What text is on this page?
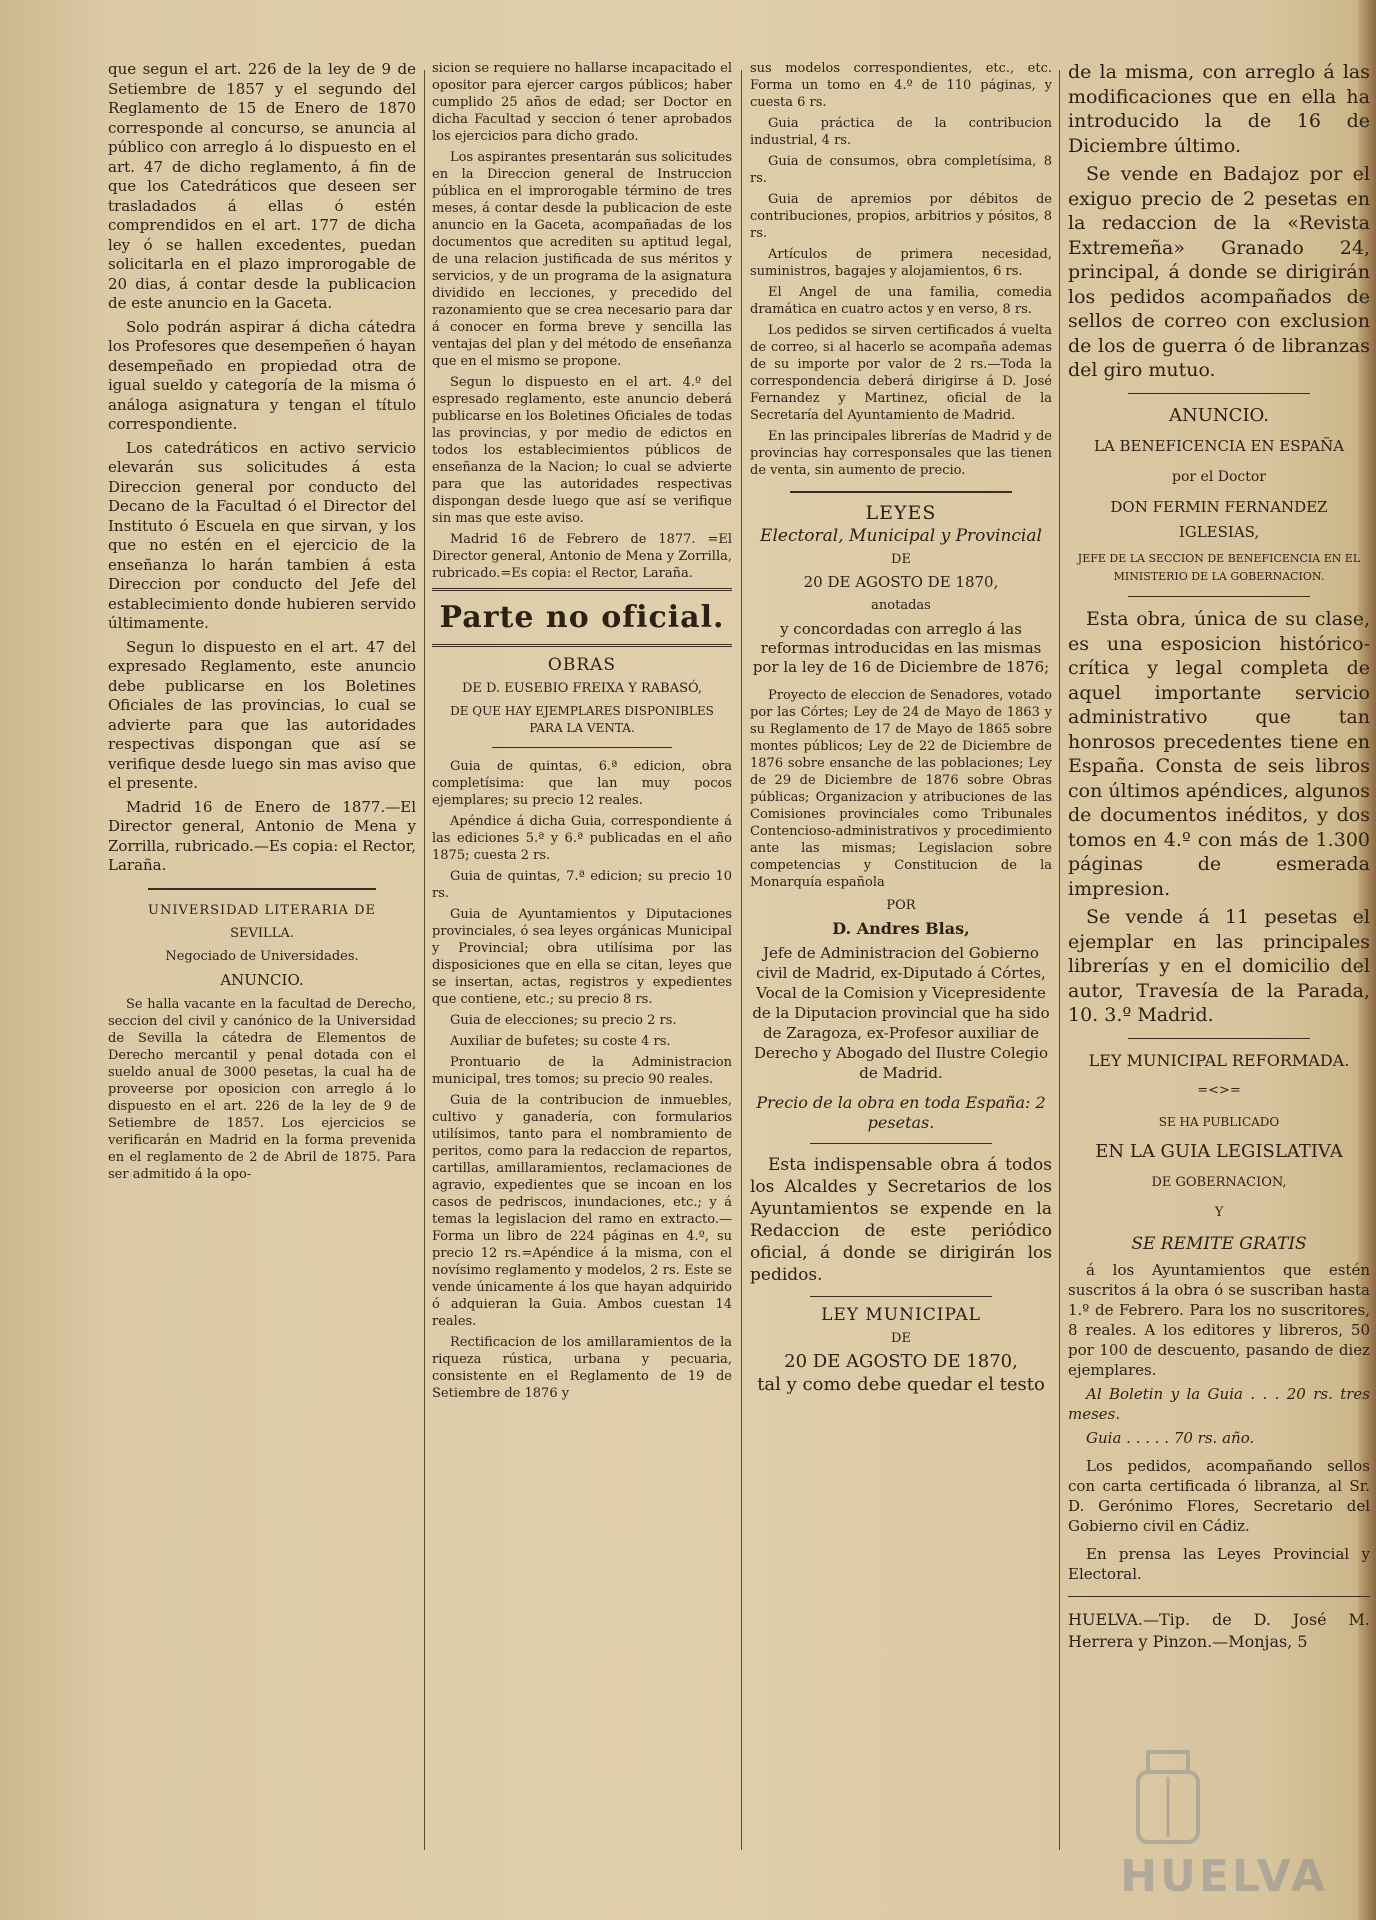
que segun el art. 226 de la ley de 9 de Setiembre de 1857 y el segundo del Reglamento de 15 de Enero de 1870 corresponde al concurso, se anuncia al público con arreglo á lo dispuesto en el art. 47 de dicho reglamento, á fin de que los Catedráticos que deseen ser trasladados á ellas ó estén comprendidos en el art. 177 de dicha ley ó se hallen excedentes, puedan solicitarla en el plazo improrogable de 20 dias, á contar desde la publicacion de este anuncio en la Gaceta.

Solo podrán aspirar á dicha cátedra los Profesores que desempeñen ó hayan desempeñado en propiedad otra de igual sueldo y categoría de la misma ó análoga asignatura y tengan el título correspondiente.

Los catedráticos en activo servicio elevarán sus solicitudes á esta Direccion general por conducto del Decano de la Facultad ó el Director del Instituto ó Escuela en que sirvan, y los que no estén en el ejercicio de la enseñanza lo harán tambien á esta Direccion por conducto del Jefe del establecimiento donde hubieren servido últimamente.

Segun lo dispuesto en el art. 47 del expresado Reglamento, este anuncio debe publicarse en los Boletines Oficiales de las provincias, lo cual se advierte para que las autoridades respectivas dispongan que así se verifique desde luego sin mas aviso que el presente.

Madrid 16 de Enero de 1877.—El Director general, Antonio de Mena y Zorrilla, rubricado.—Es copia: el Rector, Laraña.

UNIVERSIDAD LITERARIA DE

SEVILLA.

Negociado de Universidades.

ANUNCIO.

Se halla vacante en la facultad de Derecho, seccion del civil y canónico de la Universidad de Sevilla la cátedra de Elementos de Derecho mercantil y penal dotada con el sueldo anual de 3000 pesetas, la cual ha de proveerse por oposicion con arreglo á lo dispuesto en el art. 226 de la ley de 9 de Setiembre de 1857. Los ejercicios se verificarán en Madrid en la forma prevenida en el reglamento de 2 de Abril de 1875. Para ser admitido á la opo-

sicion se requiere no hallarse incapacitado el opositor para ejercer cargos públicos; haber cumplido 25 años de edad; ser Doctor en dicha Facultad y seccion ó tener aprobados los ejercicios para dicho grado.

Los aspirantes presentarán sus solicitudes en la Direccion general de Instruccion pública en el improrogable término de tres meses, á contar desde la publicacion de este anuncio en la Gaceta, acompañadas de los documentos que acrediten su aptitud legal, de una relacion justificada de sus méritos y servicios, y de un programa de la asignatura dividido en lecciones, y precedido del razonamiento que se crea necesario para dar á conocer en forma breve y sencilla las ventajas del plan y del método de enseñanza que en el mismo se propone.

Segun lo dispuesto en el art. 4.º del espresado reglamento, este anuncio deberá publicarse en los Boletines Oficiales de todas las provincias, y por medio de edictos en todos los establecimientos públicos de enseñanza de la Nacion; lo cual se advierte para que las autoridades respectivas dispongan desde luego que así se verifique sin mas que este aviso.

Madrid 16 de Febrero de 1877. =El Director general, Antonio de Mena y Zorrilla, rubricado.=Es copia: el Rector, Laraña.

Parte no oficial.

OBRAS

DE D. EUSEBIO FREIXA Y RABASÓ,

DE QUE HAY EJEMPLARES DISPONIBLES PARA LA VENTA.

Guia de quintas, 6.ª edicion, obra completísima: que lan muy pocos ejemplares; su precio 12 reales.

Apéndice á dicha Guia, correspondiente á las ediciones 5.ª y 6.ª publicadas en el año 1875; cuesta 2 rs.

Guia de quintas, 7.ª edicion; su precio 10 rs.

Guia de Ayuntamientos y Diputaciones provinciales, ó sea leyes orgánicas Municipal y Provincial; obra utilísima por las disposiciones que en ella se citan, leyes que se insertan, actas, registros y expedientes que contiene, etc.; su precio 8 rs.

Guia de elecciones; su precio 2 rs.

Auxiliar de bufetes; su coste 4 rs.

Prontuario de la Administracion municipal, tres tomos; su precio 90 reales.

Guia de la contribucion de inmuebles, cultivo y ganadería, con formularios utilísimos, tanto para el nombramiento de peritos, como para la redaccion de repartos, cartillas, amillaramientos, reclamaciones de agravio, expedientes que se incoan en los casos de pedriscos, inundaciones, etc.; y á temas la legislacion del ramo en extracto.—Forma un libro de 224 páginas en 4.º, su precio 12 rs.=Apéndice á la misma, con el novísimo reglamento y modelos, 2 rs. Este se vende únicamente á los que hayan adquirido ó adquieran la Guia. Ambos cuestan 14 reales.

Rectificacion de los amillaramientos de la riqueza rústica, urbana y pecuaria, consistente en el Reglamento de 19 de Setiembre de 1876 y

sus modelos correspondientes, etc., etc. Forma un tomo en 4.º de 110 páginas, y cuesta 6 rs.

Guia práctica de la contribucion industrial, 4 rs.

Guia de consumos, obra completísima, 8 rs.

Guia de apremios por débitos de contribuciones, propios, arbitrios y pósitos, 8 rs.

Artículos de primera necesidad, suministros, bagajes y alojamientos, 6 rs.

El Angel de una familia, comedia dramática en cuatro actos y en verso, 8 rs.

Los pedidos se sirven certificados á vuelta de correo, si al hacerlo se acompaña ademas de su importe por valor de 2 rs.—Toda la correspondencia deberá dirigirse á D. José Fernandez y Martinez, oficial de la Secretaría del Ayuntamiento de Madrid.

En las principales librerías de Madrid y de provincias hay corresponsales que las tienen de venta, sin aumento de precio.

LEYES

Electoral, Municipal y Provincial

DE

20 DE AGOSTO DE 1870,

anotadas

y concordadas con arreglo á las reformas introducidas en las mismas por la ley de 16 de Diciembre de 1876;

Proyecto de eleccion de Senadores, votado por las Córtes; Ley de 24 de Mayo de 1863 y su Reglamento de 17 de Mayo de 1865 sobre montes públicos; Ley de 22 de Diciembre de 1876 sobre ensanche de las poblaciones; Ley de 29 de Diciembre de 1876 sobre Obras públicas; Organizacion y atribuciones de las Comisiones provinciales como Tribunales Contencioso-administrativos y procedimiento ante las mismas; Legislacion sobre competencias y Constitucion de la Monarquía española

POR

D. Andres Blas,

Jefe de Administracion del Gobierno civil de Madrid, ex-Diputado á Córtes, Vocal de la Comision y Vicepresidente de la Diputacion provincial que ha sido de Zaragoza, ex-Profesor auxiliar de Derecho y Abogado del Ilustre Colegio de Madrid.

Precio de la obra en toda España: 2 pesetas.

Esta indispensable obra á todos los Alcaldes y Secretarios de los Ayuntamientos se expende en la Redaccion de este periódico oficial, á donde se dirigirán los pedidos.

LEY MUNICIPAL

DE

20 DE AGOSTO DE 1870,

tal y como debe quedar el testo

de la misma, con arreglo á las modificaciones que en ella ha introducido la de 16 de Diciembre último.

Se vende en Badajoz por el exiguo precio de 2 pesetas en la redaccion de la «Revista Extremeña» Granado 24, principal, á donde se dirigirán los pedidos acompañados de sellos de correo con exclusion de los de guerra ó de libranzas del giro mutuo.

ANUNCIO.

LA BENEFICENCIA EN ESPAÑA

por el Doctor

DON FERMIN FERNANDEZ IGLESIAS,

JEFE DE LA SECCION DE BENEFICENCIA EN EL MINISTERIO DE LA GOBERNACION.

Esta obra, única de su clase, es una esposicion histórico-crítica y legal completa de aquel importante servicio administrativo que tan honrosos precedentes tiene en España. Consta de seis libros con últimos apéndices, algunos de documentos inéditos, y dos tomos en 4.º con más de 1.300 páginas de esmerada impresion.

Se vende á 11 pesetas el ejemplar en las principales librerías y en el domicilio del autor, Travesía de la Parada, 10. 3.º Madrid.

LEY MUNICIPAL REFORMADA.

=<>=

SE HA PUBLICADO

EN LA GUIA LEGISLATIVA

DE GOBERNACION,

Y

SE REMITE GRATIS

á los Ayuntamientos que estén suscritos á la obra ó se suscriban hasta 1.º de Febrero. Para los no suscritores, 8 reales. A los editores y libreros, 50 por 100 de descuento, pasando de diez ejemplares.

Al Boletin y la Guia . . . 20 rs. tres meses.

Guia . . . . . 70 rs. año.

Los pedidos, acompañando sellos con carta certificada ó libranza, al Sr. D. Gerónimo Flores, Secretario del Gobierno civil en Cádiz.

En prensa las Leyes Provincial y Electoral.

HUELVA.—Tip. de D. José M. Herrera y Pinzon.—Monjas, 5

HUELVA
